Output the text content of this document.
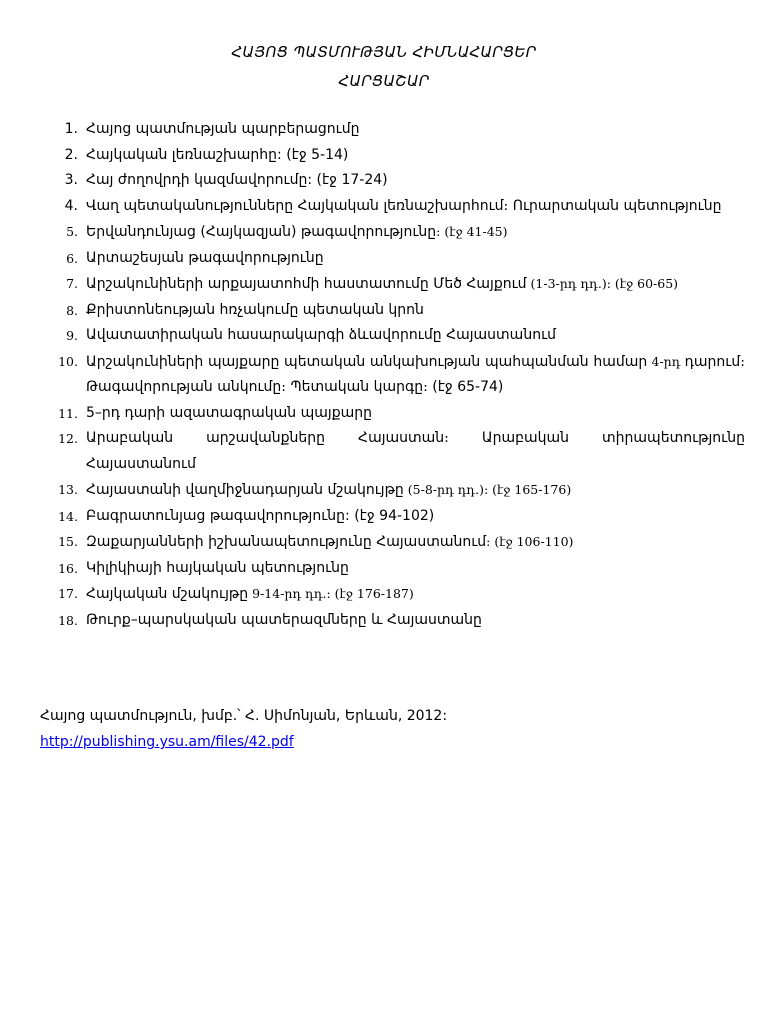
ՀԱՅՈՑ ՊԱՏՄՈՒԹՅԱՆ ՀԻՄՆԱՀԱՐՑԵՐ
ՀԱՐՑԱՇԱՐ
1. Հայոց պատմության պարբերացումը
2. Հայկական լեռնաշխարհը: (էջ 5-14)
3. Հայ ժողովրդի կազմավորումը: (էջ 17-24)
4. Վաղ պետականությունները Հայկական լեռնաշխարհում։ Ուրարտական պետությունը
5. Երվանդունյաց (Հայկազյան) թագավորությունը: (էջ 41-45)
6. Արտաշեսյան թագավորությունը
7. Արշակունիների արքայատոհմի հաստատումը Մեծ Հայքում (1-3-րդ դդ.): (էջ 60-65)
8. Քրիստոնեության հռչակումը պետական կրոն
9. Ավատատիրական հասարակարգի ձևավորումը Հայաստանում
10. Արշակունիների պայքարը պետական անկախության պահպանման համար 4-րդ դարում։ Թագավորության անկումը։ Պետական կարգը։ (էջ 65-74)
11. 5–րդ դարի ազատագրական պայքարը
12. Արաբական արշավանքները Հայաստան։ Արաբական տիրապետությունը Հայաստանում
13. Հայաստանի վաղմիջնադարյան մշակույթը (5-8-րդ դդ.): (էջ 165-176)
14. Բագրատունյաց թագավորությունը: (էջ 94-102)
15. Զաքարյանների իշխանապետությունը Հայաստանում: (էջ 106-110)
16. Կիլիկիայի հայկական պետությունը
17. Հայկական մշակույթը 9-14-րդ դդ.: (էջ 176-187)
18. Թուրք–պարսկական պատերազմները և Հայաստանը
Հայոց պատմություն, խմբ.՝ Հ. Սիմոնյան, Երևան, 2012:
http://publishing.ysu.am/files/42.pdf
